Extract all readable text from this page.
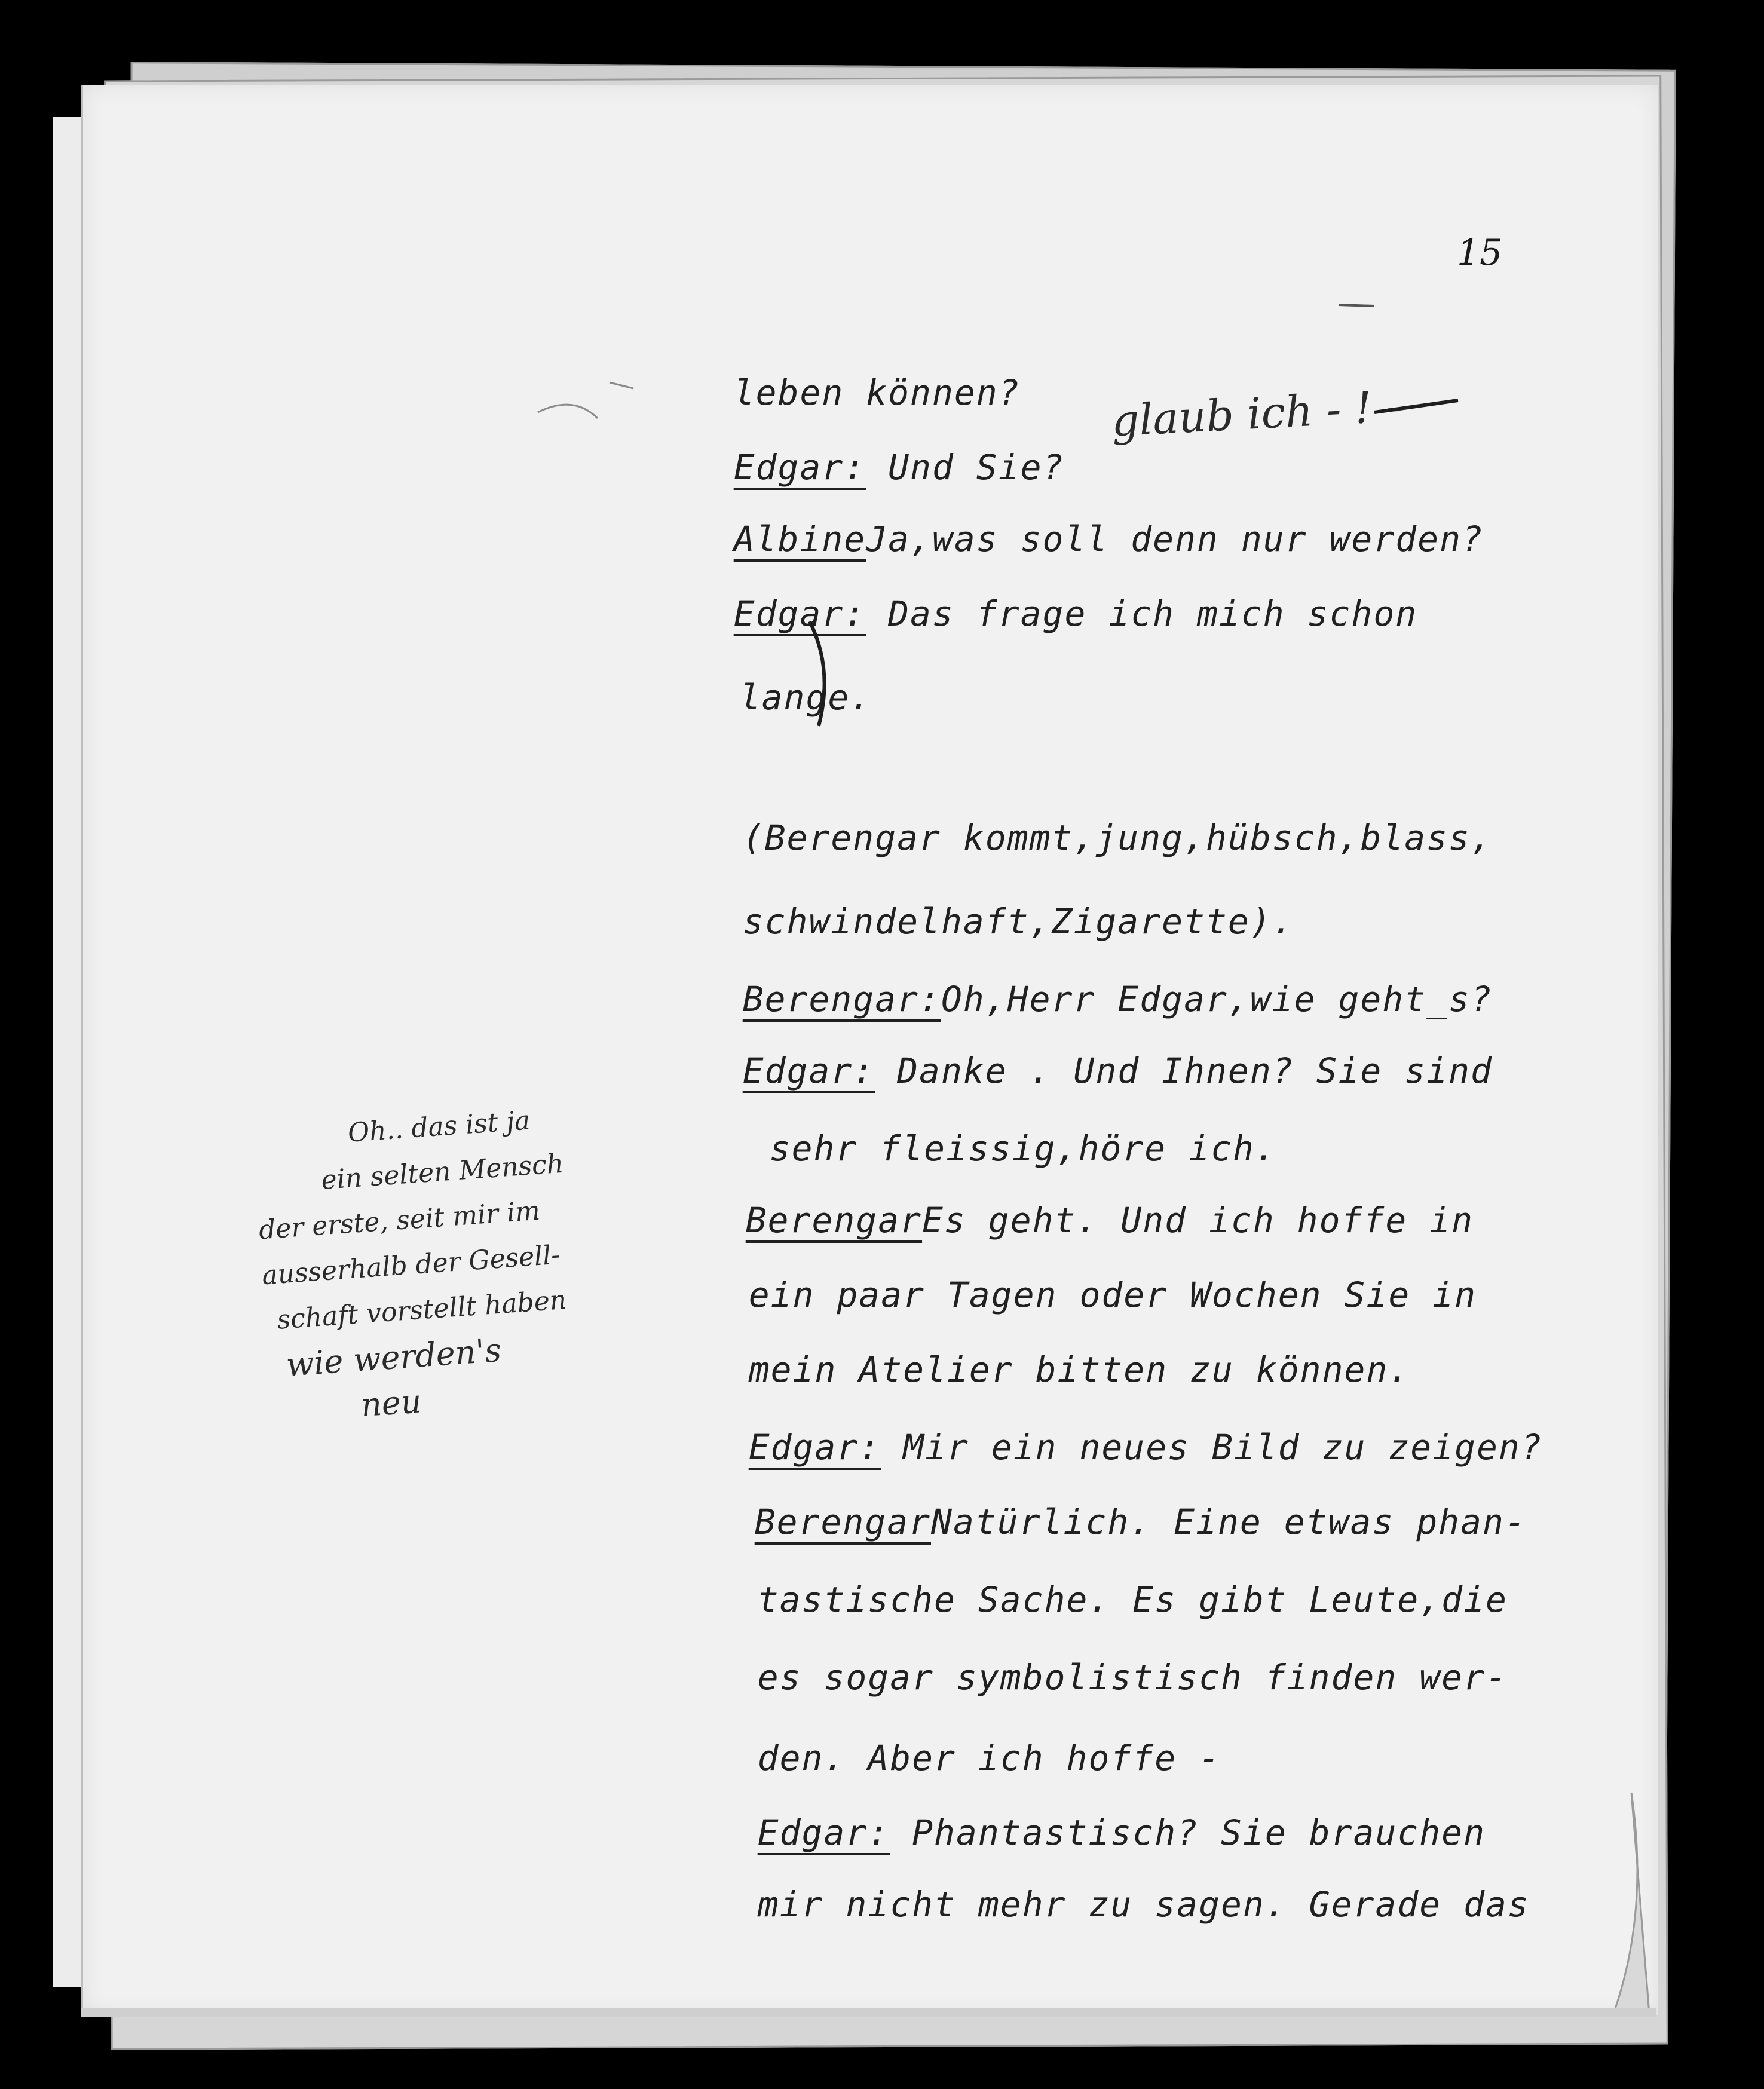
15

leben können?

Edgar: Und Sie?

AlbineJa,was soll denn nur werden?

Edgar: Das frage ich mich schon

lange.

(Berengar kommt,jung,hübsch,blass,

schwindelhaft,Zigarette).

Berengar:Oh,Herr Edgar,wie geht_s?

Edgar: Danke . Und Ihnen? Sie sind

sehr fleissig,höre ich.

BerengarEs geht. Und ich hoffe in

ein paar Tagen oder Wochen Sie in

mein Atelier bitten zu können.

Edgar: Mir ein neues Bild zu zeigen?

BerengarNatürlich. Eine etwas phan-

tastische Sache. Es gibt Leute,die

es sogar symbolistisch finden wer-

den. Aber ich hoffe -

Edgar: Phantastisch? Sie brauchen

mir nicht mehr zu sagen. Gerade das

glaub ich - ! -
Oh.. das ist ja
ein selten Mensch
der erste, seit mir im
ausserhalb der Gesell-
schaft vorstellt haben
wie werden's
neu
